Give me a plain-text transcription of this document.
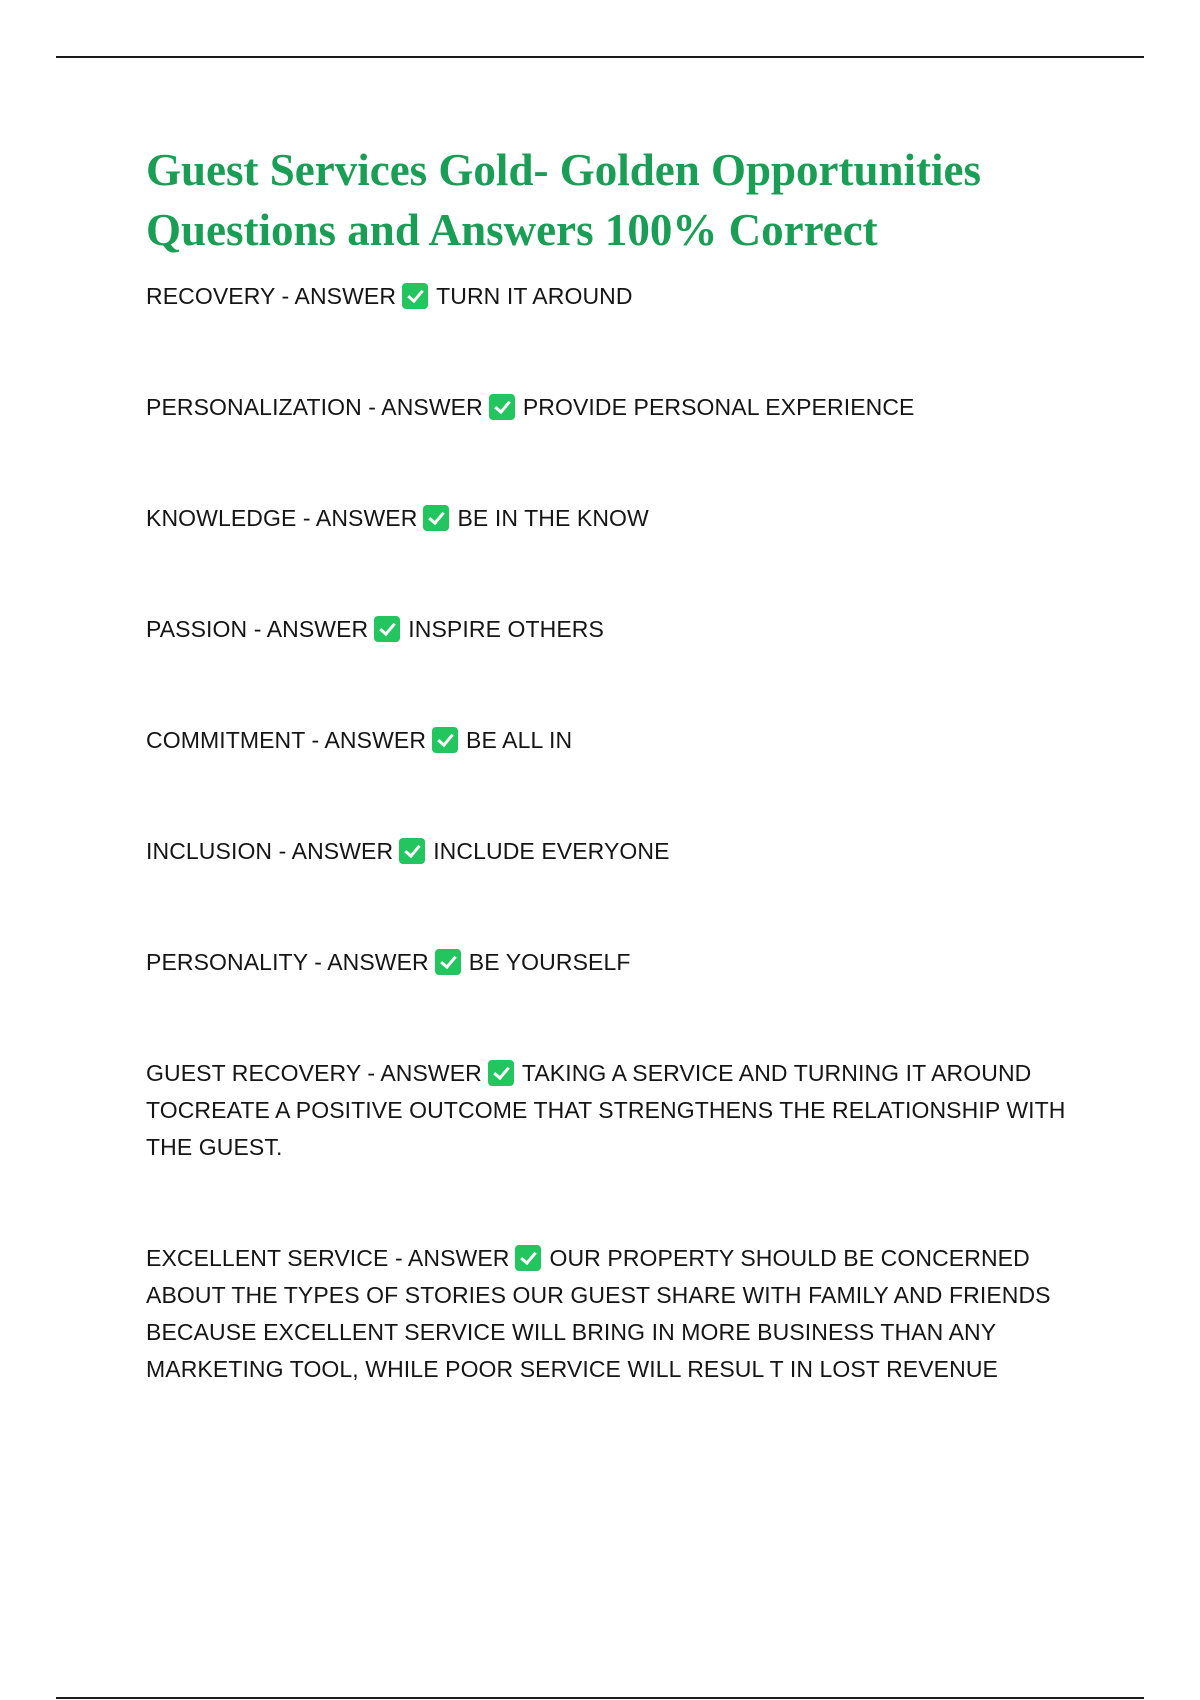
Guest Services Gold- Golden Opportunities Questions and Answers 100% Correct
RECOVERY - ANSWER TURN IT AROUND
PERSONALIZATION - ANSWER PROVIDE PERSONAL EXPERIENCE
KNOWLEDGE - ANSWER BE IN THE KNOW
PASSION - ANSWER INSPIRE OTHERS
COMMITMENT - ANSWER BE ALL IN
INCLUSION - ANSWER INCLUDE EVERYONE
PERSONALITY - ANSWER BE YOURSELF
GUEST RECOVERY - ANSWER TAKING A SERVICE AND TURNING IT AROUND TOCREATE A POSITIVE OUTCOME THAT STRENGTHENS THE RELATIONSHIP WITH THE GUEST.
EXCELLENT SERVICE - ANSWER OUR PROPERTY SHOULD BE CONCERNED ABOUT THE TYPES OF STORIES OUR GUEST SHARE WITH FAMILY AND FRIENDS BECAUSE EXCELLENT SERVICE WILL BRING IN MORE BUSINESS THAN ANY MARKETING TOOL, WHILE POOR SERVICE WILL RESUL T IN LOST REVENUE
